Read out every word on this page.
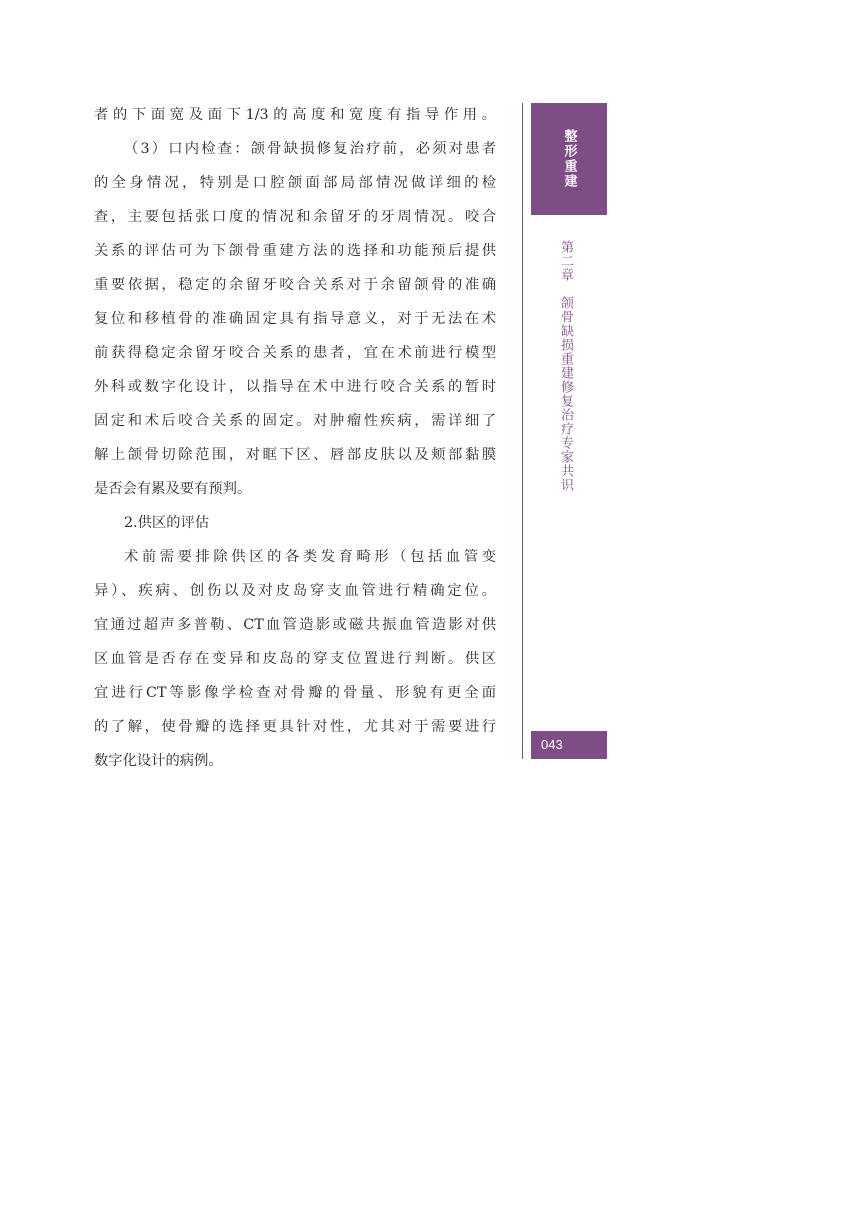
者的下面宽及面下1/3的高度和宽度有指导作用。
（3）口内检查：颌骨缺损修复治疗前，必须对患者
的全身情况，特别是口腔颌面部局部情况做详细的检
查，主要包括张口度的情况和余留牙的牙周情况。咬合
关系的评估可为下颌骨重建方法的选择和功能预后提供
重要依据，稳定的余留牙咬合关系对于余留颌骨的准确
复位和移植骨的准确固定具有指导意义，对于无法在术
前获得稳定余留牙咬合关系的患者，宜在术前进行模型
外科或数字化设计，以指导在术中进行咬合关系的暂时
固定和术后咬合关系的固定。对肿瘤性疾病，需详细了
解上颌骨切除范围，对眶下区、唇部皮肤以及颊部黏膜
是否会有累及要有预判。
2.供区的评估
术前需要排除供区的各类发育畸形（包括血管变
异）、疾病、创伤以及对皮岛穿支血管进行精确定位。
宜通过超声多普勒、CT血管造影或磁共振血管造影对供
区血管是否存在变异和皮岛的穿支位置进行判断。供区
宜进行CT等影像学检查对骨瓣的骨量、形貌有更全面
的了解，使骨瓣的选择更具针对性，尤其对于需要进行
数字化设计的病例。
整形重建
第二章颌骨缺损重建修复治疗专家共识
043
